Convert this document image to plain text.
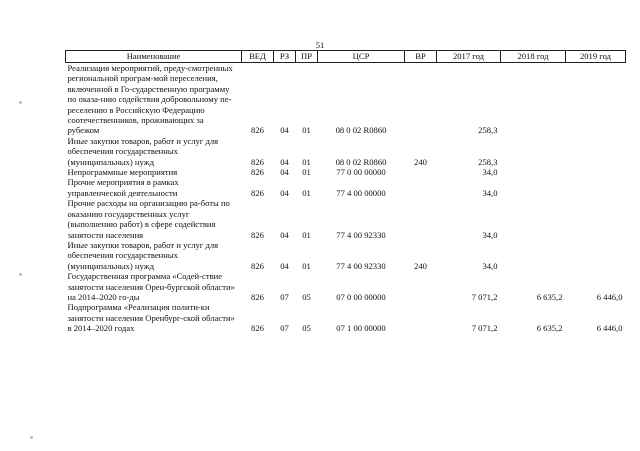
51
Наименование	ВЕД	РЗ	ПР	ЦСР	ВР	2017 год	2018 год	2019 год
Реализация мероприятий, преду-смотренных региональной програм-мой переселения, включенной в Го-сударственную программу по оказа-нию содействия добровольному пе-реселению в Российскую Федерацию соотечественников, проживающих за рубежом	826	04	01	08 0 02 R0860		258,3		
Иные закупки товаров, работ и услуг для обеспечения государственных (муниципальных) нужд	826	04	01	08 0 02 R0860	240	258,3		
Непрограммные мероприятия	826	04	01	77 0 00 00000		34,0		
Прочие мероприятия в рамках управленческой деятельности	826	04	01	77 4 00 00000		34,0		
Прочие расходы на организацию ра-боты по оказанию государственных услуг (выполнению работ) в сфере содействия занятости населения	826	04	01	77 4 00 92330		34,0		
Иные закупки товаров, работ и услуг для обеспечения государственных (муниципальных) нужд	826	04	01	77 4 00 92330	240	34,0		
Государственная программа «Содей-ствие занятости населения Орен-бургской области» на 2014–2020 го-ды	826	07	05	07 0 00 00000		7 071,2	6 635,2	6 446,0
Подпрограмма «Реализация полити-ки занятости населения Оренбург-ской области» в 2014–2020 годах	826	07	05	07 1 00 00000		7 071,2	6 635,2	6 446,0
